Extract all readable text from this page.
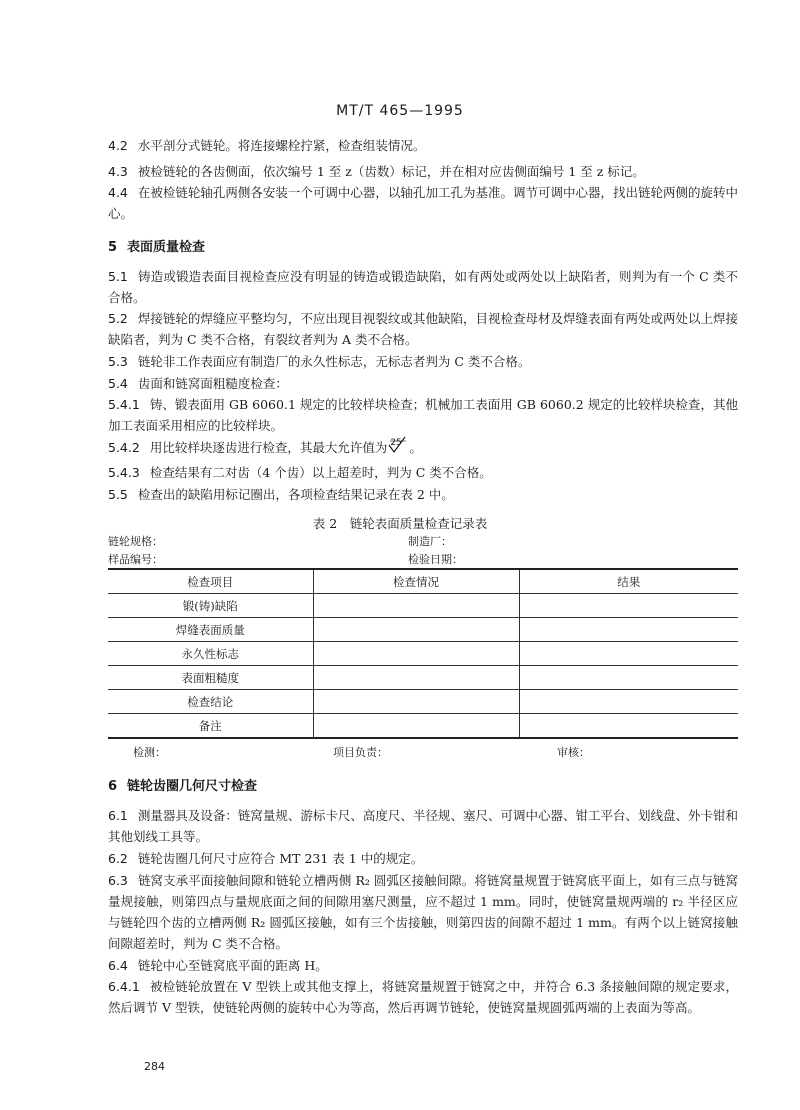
MT/T 465—1995
4.2 水平剖分式链轮。将连接螺栓拧紧，检查组装情况。
4.3 被检链轮的各齿侧面，依次编号 1 至 z（齿数）标记，并在相对应齿侧面编号 1 至 z 标记。
4.4 在被检链轮轴孔两侧各安装一个可调中心器，以轴孔加工孔为基准。调节可调中心器，找出链轮两侧的旋转中心。
5 表面质量检查
5.1 铸造或锻造表面目视检查应没有明显的铸造或锻造缺陷，如有两处或两处以上缺陷者，则判为有一个 C 类不合格。
5.2 焊接链轮的焊缝应平整均匀，不应出现目视裂纹或其他缺陷，目视检查母材及焊缝表面有两处或两处以上焊接缺陷者，判为 C 类不合格，有裂纹者判为 A 类不合格。
5.3 链轮非工作表面应有制造厂的永久性标志，无标志者判为 C 类不合格。
5.4 齿面和链窝面粗糙度检查：
5.4.1 铸、锻表面用 GB 6060.1 规定的比较样块检查；机械加工表面用 GB 6060.2 规定的比较样块检查，其他加工表面采用相应的比较样块。
5.4.2 用比较样块逐齿进行检查，其最大允许值为 25 。
5.4.3 检查结果有二对齿（4 个齿）以上超差时，判为 C 类不合格。
5.5 检查出的缺陷用标记圈出，各项检查结果记录在表 2 中。
表 2　链轮表面质量检查记录表
链轮规格：	制造厂：
样品编号：	检验日期：
检查项目	检查情况	结果
锻(铸)缺陷		
焊缝表面质量		
永久性标志		
表面粗糙度		
检查结论		
备注		
检测：	项目负责：	审核：
6 链轮齿圈几何尺寸检查
6.1 测量器具及设备：链窝量规、游标卡尺、高度尺、半径规、塞尺、可调中心器、钳工平台、划线盘、外卡钳和其他划线工具等。
6.2 链轮齿圈几何尺寸应符合 MT 231 表 1 中的规定。
6.3 链窝支承平面接触间隙和链轮立槽两侧 R₂ 圆弧区接触间隙。将链窝量规置于链窝底平面上，如有三点与链窝量规接触，则第四点与量规底面之间的间隙用塞尺测量，应不超过 1 mm。同时，使链窝量规两端的 r₂ 半径区应与链轮四个齿的立槽两侧 R₂ 圆弧区接触，如有三个齿接触，则第四齿的间隙不超过 1 mm。有两个以上链窝接触间隙超差时，判为 C 类不合格。
6.4 链轮中心至链窝底平面的距离 H。
6.4.1 被检链轮放置在 V 型铁上或其他支撑上，将链窝量规置于链窝之中，并符合 6.3 条接触间隙的规定要求，然后调节 V 型铁，使链轮两侧的旋转中心为等高，然后再调节链轮，使链窝量规圆弧两端的上表面为等高。
284
